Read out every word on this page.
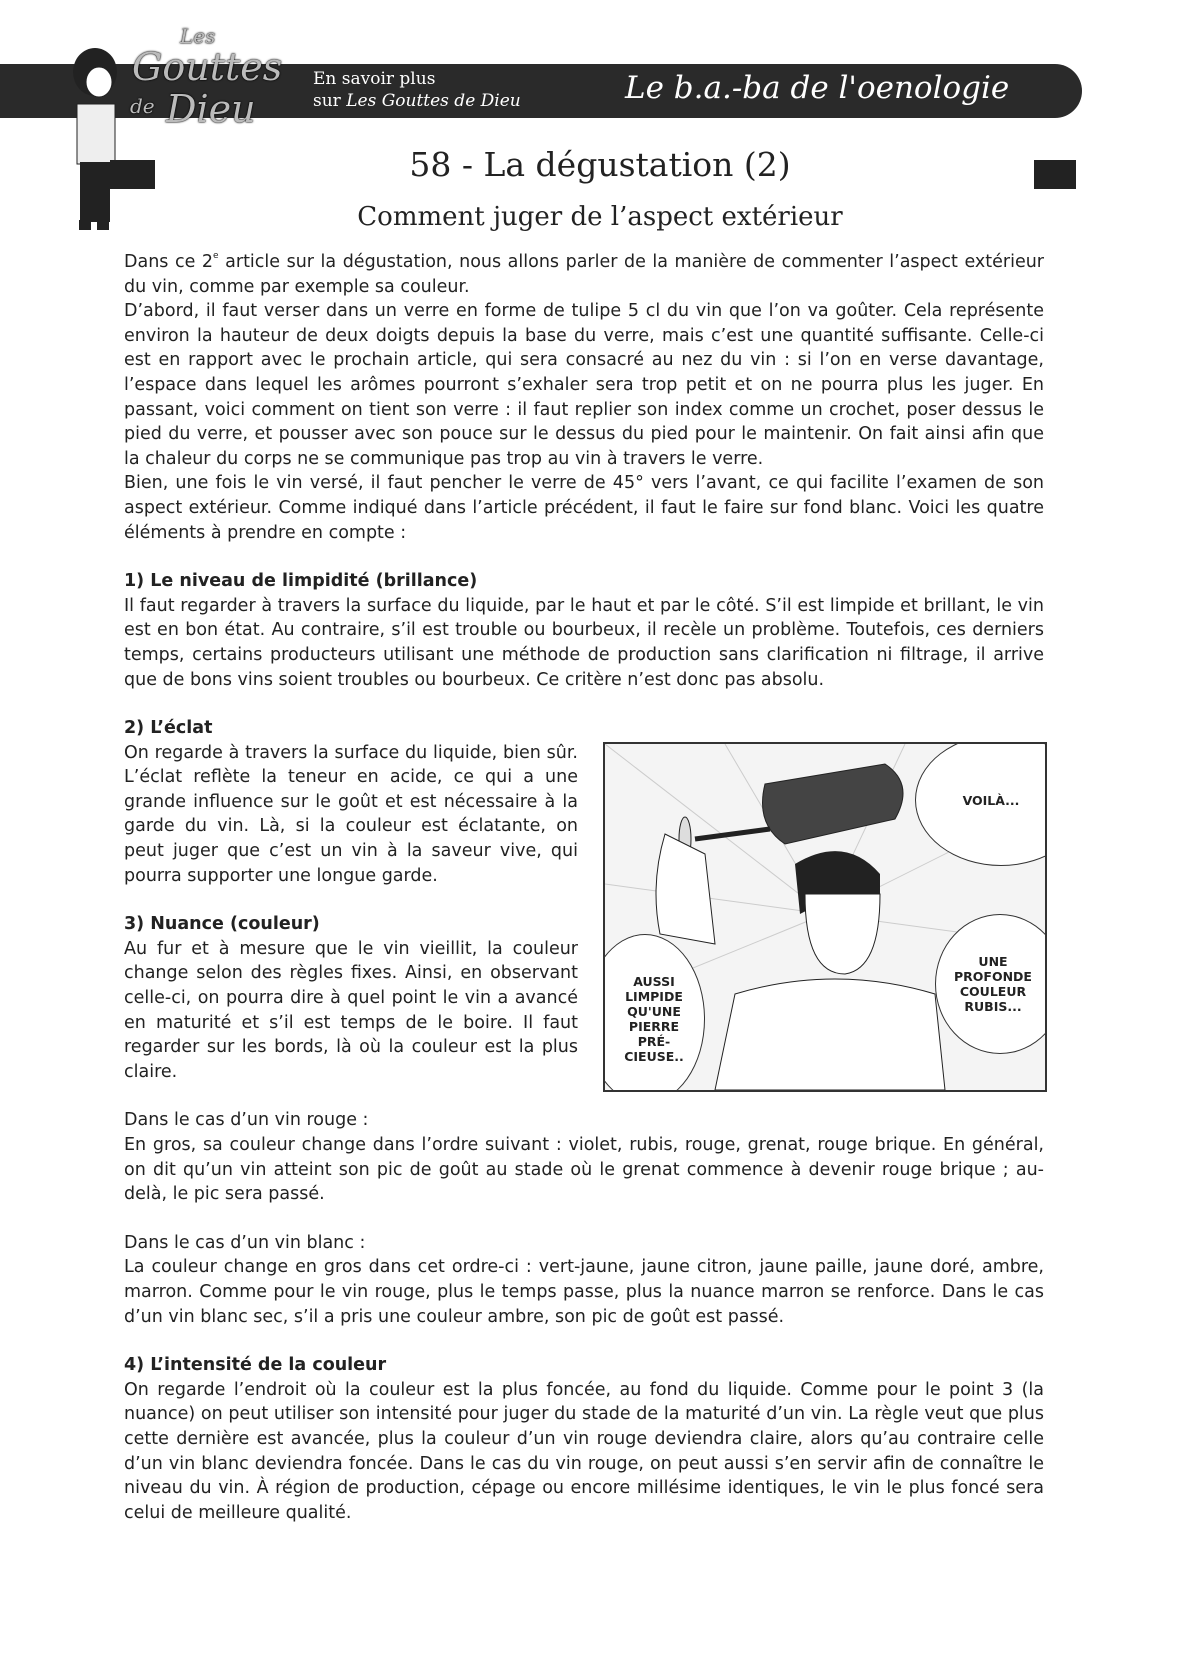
Les
Gouttes
de Dieu
En savoir plus
sur Les Gouttes de Dieu	Le b.a.-ba de l'oenologie
58 - La dégustation (2)
Comment juger de l’aspect extérieur

Dans ce 2e article sur la dégustation, nous allons parler de la manière de commenter l’aspect extérieur du vin, comme par exemple sa couleur.

D’abord, il faut verser dans un verre en forme de tulipe 5 cl du vin que l’on va goûter. Cela représente environ la hauteur de deux doigts depuis la base du verre, mais c’est une quantité suffisante. Celle-ci est en rapport avec le prochain article, qui sera consacré au nez du vin : si l’on en verse davantage, l’espace dans lequel les arômes pourront s’exhaler sera trop petit et on ne pourra plus les juger. En passant, voici comment on tient son verre : il faut replier son index comme un crochet, poser dessus le pied du verre, et pousser avec son pouce sur le dessus du pied pour le maintenir. On fait ainsi afin que la chaleur du corps ne se communique pas trop au vin à travers le verre.

Bien, une fois le vin versé, il faut pencher le verre de 45° vers l’avant, ce qui facilite l’examen de son aspect extérieur. Comme indiqué dans l’article précédent, il faut le faire sur fond blanc. Voici les quatre éléments à prendre en compte :

1) Le niveau de limpidité (brillance)

Il faut regarder à travers la surface du liquide, par le haut et par le côté. S’il est limpide et brillant, le vin est en bon état. Au contraire, s’il est trouble ou bourbeux, il recèle un problème. Toutefois, ces derniers temps, certains producteurs utilisant une méthode de production sans clarification ni filtrage, il arrive que de bons vins soient troubles ou bourbeux. Ce critère n’est donc pas absolu.

2) L’éclat

On regarde à travers la surface du liquide, bien sûr. L’éclat reflète la teneur en acide, ce qui a une grande influence sur le goût et est nécessaire à la garde du vin. Là, si la couleur est éclatante, on peut juger que c’est un vin à la saveur vive, qui pourra supporter une longue garde.

3) Nuance (couleur)

Au fur et à mesure que le vin vieillit, la couleur change selon des règles fixes. Ainsi, en observant celle-ci, on pourra dire à quel point le vin a avancé en maturité et s’il est temps de le boire. Il faut regarder sur les bords, là où la couleur est la plus claire.

Dans le cas d’un vin rouge :

En gros, sa couleur change dans l’ordre suivant : violet, rubis, rouge, grenat, rouge brique. En général, on dit qu’un vin atteint son pic de goût au stade où le grenat commence à devenir rouge brique ; au-delà, le pic sera passé.

Dans le cas d’un vin blanc :

La couleur change en gros dans cet ordre-ci : vert-jaune, jaune citron, jaune paille, jaune doré, ambre, marron. Comme pour le vin rouge, plus le temps passe, plus la nuance marron se renforce. Dans le cas d’un vin blanc sec, s’il a pris une couleur ambre, son pic de goût est passé.

4) L’intensité de la couleur

On regarde l’endroit où la couleur est la plus foncée, au fond du liquide. Comme pour le point 3 (la nuance) on peut utiliser son intensité pour juger du stade de la maturité d’un vin. La règle veut que plus cette dernière est avancée, plus la couleur d’un vin rouge deviendra claire, alors qu’au contraire celle d’un vin blanc deviendra foncée. Dans le cas du vin rouge, on peut aussi s’en servir afin de connaître le niveau du vin. À région de production, cépage ou encore millésime identiques, le vin le plus foncé sera celui de meilleure qualité.

VOILÀ...
UNE PROFONDE COULEUR RUBIS...
AUSSI LIMPIDE QU'UNE PIERRE PRÉ-CIEUSE..
